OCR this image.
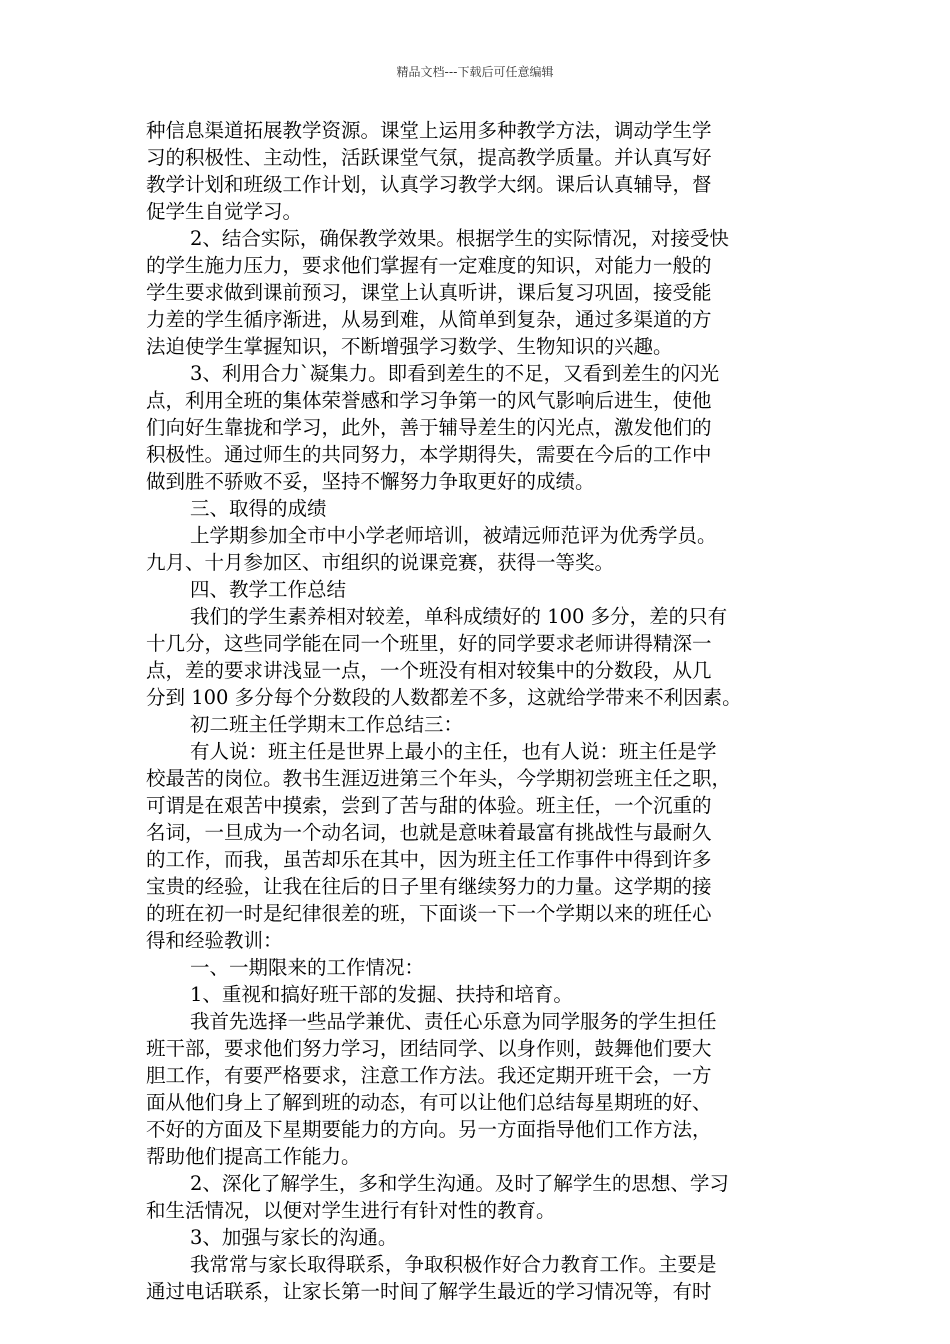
精品文档---下载后可任意编辑
种信息渠道拓展教学资源。课堂上运用多种教学方法，调动学生学
习的积极性、主动性，活跃课堂气氛，提高教学质量。并认真写好
教学计划和班级工作计划，认真学习教学大纲。课后认真辅导，督
促学生自觉学习。
2、结合实际，确保教学效果。根据学生的实际情况，对接受快
的学生施力压力，要求他们掌握有一定难度的知识，对能力一般的
学生要求做到课前预习，课堂上认真听讲，课后复习巩固，接受能
力差的学生循序渐进，从易到难，从简单到复杂，通过多渠道的方
法迫使学生掌握知识，不断增强学习数学、生物知识的兴趣。
3、利用合力`凝集力。即看到差生的不足，又看到差生的闪光
点，利用全班的集体荣誉感和学习争第一的风气影响后进生，使他
们向好生靠拢和学习，此外，善于辅导差生的闪光点，激发他们的
积极性。通过师生的共同努力，本学期得失，需要在今后的工作中
做到胜不骄败不妥，坚持不懈努力争取更好的成绩。
三、取得的成绩
上学期参加全市中小学老师培训，被靖远师范评为优秀学员。
九月、十月参加区、市组织的说课竞赛，获得一等奖。
四、教学工作总结
我们的学生素养相对较差，单科成绩好的 100 多分，差的只有
十几分，这些同学能在同一个班里，好的同学要求老师讲得精深一
点，差的要求讲浅显一点，一个班没有相对较集中的分数段，从几
分到 100 多分每个分数段的人数都差不多，这就给学带来不利因素。
初二班主任学期末工作总结三：
有人说：班主任是世界上最小的主任，也有人说：班主任是学
校最苦的岗位。教书生涯迈进第三个年头，今学期初尝班主任之职，
可谓是在艰苦中摸索，尝到了苦与甜的体验。班主任，一个沉重的
名词，一旦成为一个动名词，也就是意味着最富有挑战性与最耐久
的工作，而我，虽苦却乐在其中，因为班主任工作事件中得到许多
宝贵的经验，让我在往后的日子里有继续努力的力量。这学期的接
的班在初一时是纪律很差的班，下面谈一下一个学期以来的班任心
得和经验教训：
一、一期限来的工作情况：
1、重视和搞好班干部的发掘、扶持和培育。
我首先选择一些品学兼优、责任心乐意为同学服务的学生担任
班干部，要求他们努力学习，团结同学、以身作则，鼓舞他们要大
胆工作，有要严格要求，注意工作方法。我还定期开班干会，一方
面从他们身上了解到班的动态，有可以让他们总结每星期班的好、
不好的方面及下星期要能力的方向。另一方面指导他们工作方法，
帮助他们提高工作能力。
2、深化了解学生，多和学生沟通。及时了解学生的思想、学习
和生活情况，以便对学生进行有针对性的教育。
3、加强与家长的沟通。
我常常与家长取得联系，争取积极作好合力教育工作。主要是
通过电话联系，让家长第一时间了解学生最近的学习情况等，有时
